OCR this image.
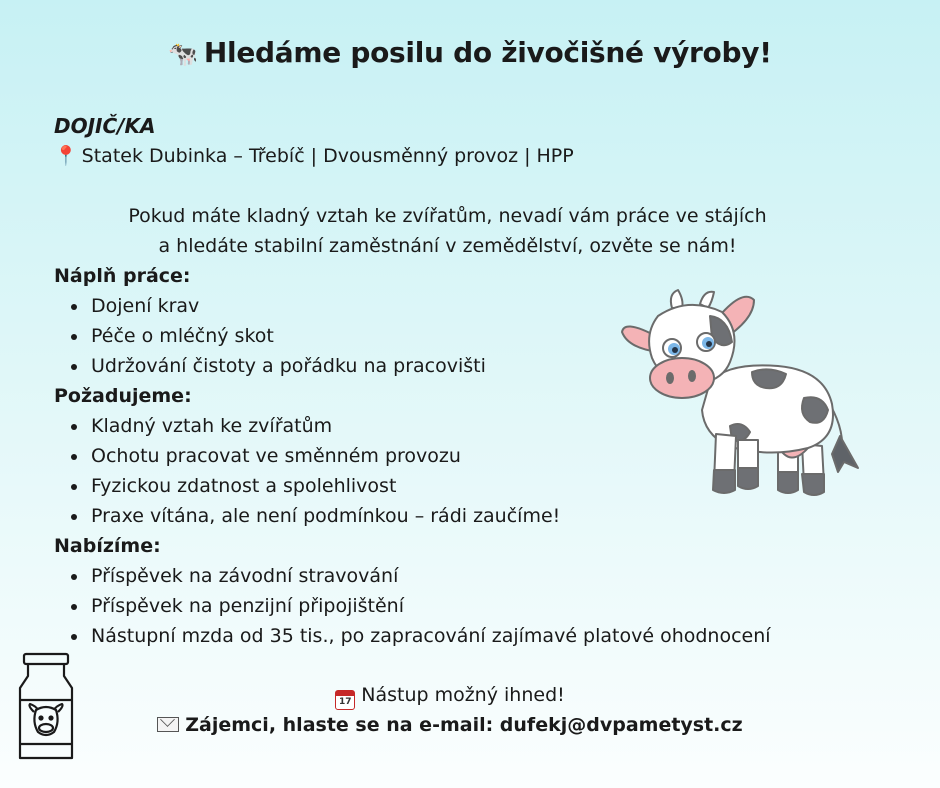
🐄 Hledáme posilu do živočišné výroby!
DOJIČ/KA
📍 Statek Dubinka – Třebíč | Dvousměnný provoz | HPP
Pokud máte kladný vztah ke zvířatům, nevadí vám práce ve stájích
a hledáte stabilní zaměstnání v zemědělství, ozvěte se nám!
Náplň práce:
Dojení krav
Péče o mléčný skot
Udržování čistoty a pořádku na pracovišti
Požadujeme:
Kladný vztah ke zvířatům
Ochotu pracovat ve směnném provozu
Fyzickou zdatnost a spolehlivost
Praxe vítána, ale není podmínkou – rádi zaučíme!
Nabízíme:
Příspěvek na závodní stravování
Příspěvek na penzijní připojištění
Nástupní mzda od 35 tis., po zapracování zajímavé platové ohodnocení
17 Nástup možný ihned!
Zájemci, hlaste se na e-mail: dufekj@dvpametyst.cz
